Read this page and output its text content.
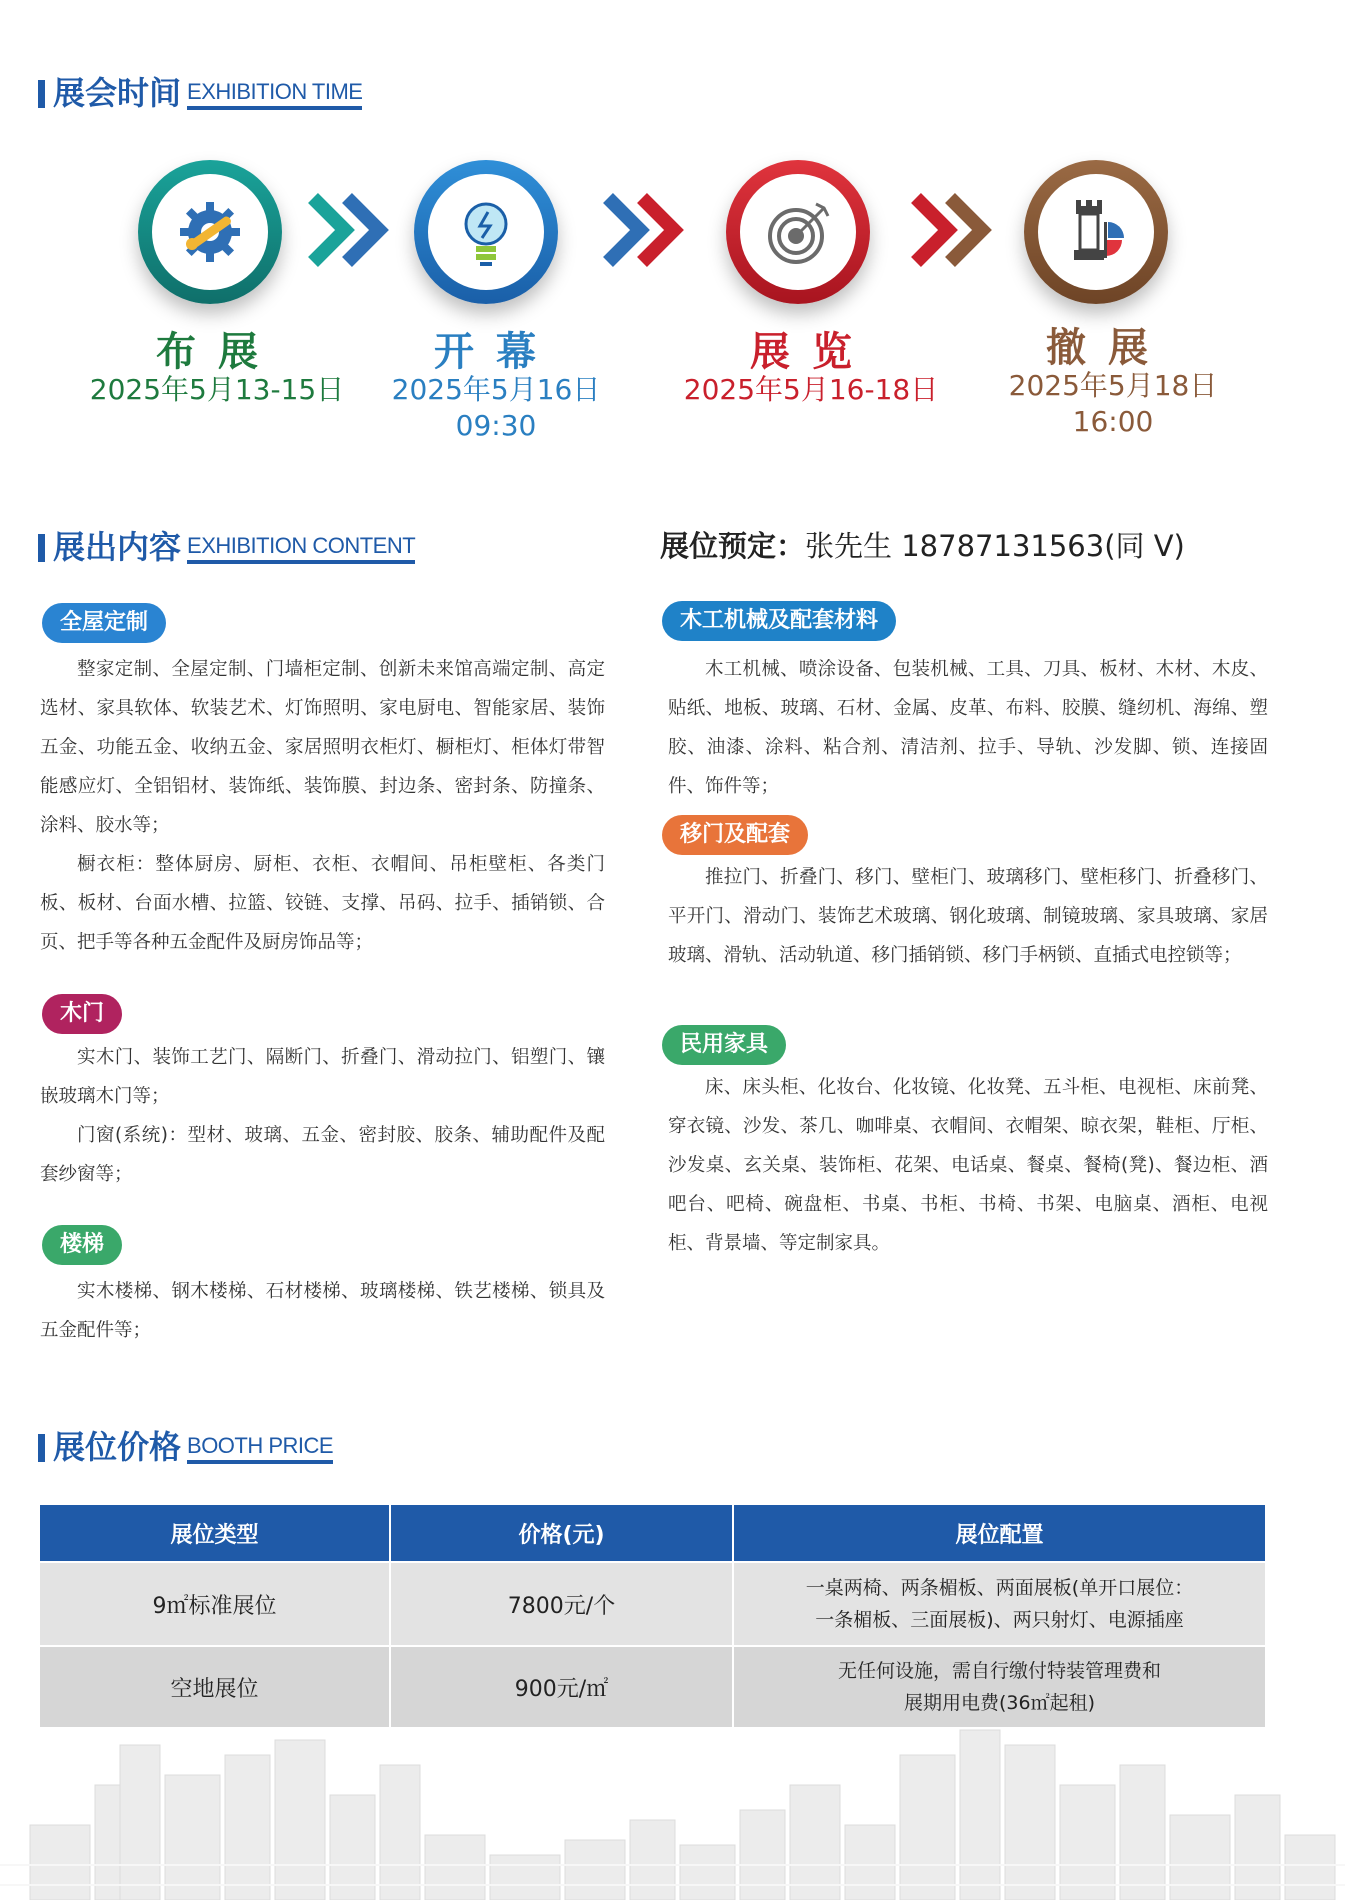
展会时间 EXHIBITION TIME
布展
2025年5月13-15日
开幕
2025年5月16日
09:30
展览
2025年5月16-18日
撤展
2025年5月18日
16:00
展出内容 EXHIBITION CONTENT	展位预定：张先生 18787131563(同 V)
全屋定制
整家定制、全屋定制、门墙柜定制、创新未来馆高端定制、高定选材、家具软体、软装艺术、灯饰照明、家电厨电、智能家居、装饰五金、功能五金、收纳五金、家居照明衣柜灯、橱柜灯、柜体灯带智能感应灯、全铝铝材、装饰纸、装饰膜、封边条、密封条、防撞条、涂料、胶水等；
橱衣柜：整体厨房、厨柜、衣柜、衣帽间、吊柜壁柜、各类门板、板材、台面水槽、拉篮、铰链、支撑、吊码、拉手、插销锁、合页、把手等各种五金配件及厨房饰品等；
木门
实木门、装饰工艺门、隔断门、折叠门、滑动拉门、铝塑门、镶嵌玻璃木门等；
门窗(系统)：型材、玻璃、五金、密封胶、胶条、辅助配件及配套纱窗等；
楼梯
实木楼梯、钢木楼梯、石材楼梯、玻璃楼梯、铁艺楼梯、锁具及五金配件等；
木工机械及配套材料
木工机械、喷涂设备、包装机械、工具、刀具、板材、木材、木皮、贴纸、地板、玻璃、石材、金属、皮革、布料、胶膜、缝纫机、海绵、塑胶、油漆、涂料、粘合剂、清洁剂、拉手、导轨、沙发脚、锁、连接固件、饰件等；
移门及配套
推拉门、折叠门、移门、壁柜门、玻璃移门、壁柜移门、折叠移门、平开门、滑动门、装饰艺术玻璃、钢化玻璃、制镜玻璃、家具玻璃、家居玻璃、滑轨、活动轨道、移门插销锁、移门手柄锁、直插式电控锁等；
民用家具
床、床头柜、化妆台、化妆镜、化妆凳、五斗柜、电视柜、床前凳、穿衣镜、沙发、茶几、咖啡桌、衣帽间、衣帽架、晾衣架，鞋柜、厅柜、沙发桌、玄关桌、装饰柜、花架、电话桌、餐桌、餐椅(凳)、餐边柜、酒吧台、吧椅、碗盘柜、书桌、书柜、书椅、书架、电脑桌、酒柜、电视柜、背景墙、等定制家具。
展位价格 BOOTH PRICE
展位类型	价格(元)	展位配置
9㎡标准展位	7800元/个	一桌两椅、两条楣板、两面展板(单开口展位：
一条楣板、三面展板)、两只射灯、电源插座

空地展位	900元/㎡	无任何设施，需自行缴付特装管理费和
展期用电费(36㎡起租)
